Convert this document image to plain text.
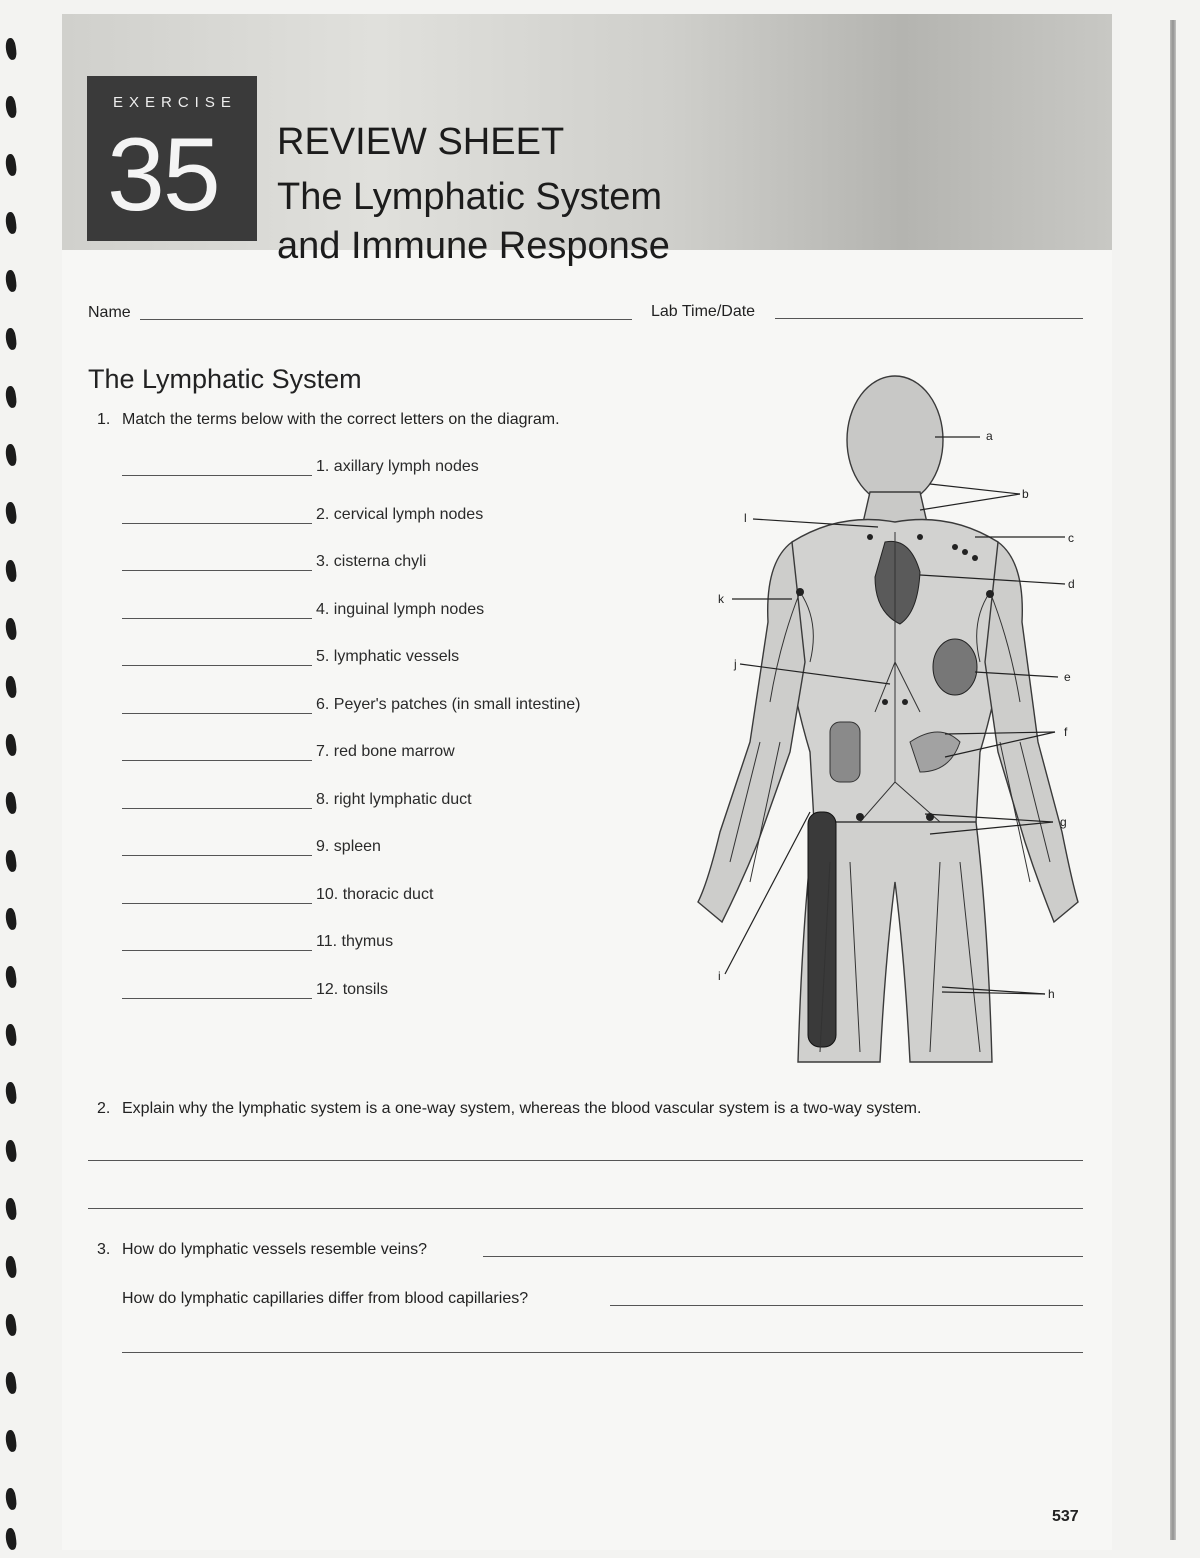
EXERCISE
35 REVIEW SHEET
The Lymphatic System
and Immune Response
Name	Lab Time/Date
The Lymphatic System
1. Match the terms below with the correct letters on the diagram.
1. axillary lymph nodes
2. cervical lymph nodes
3. cisterna chyli
4. inguinal lymph nodes
5. lymphatic vessels
6. Peyer's patches (in small intestine)
7. red bone marrow
8. right lymphatic duct
9. spleen
10. thoracic duct
11. thymus
12. tonsils
a
b
c
d
e
f
g
h
i
j
k
l
2. Explain why the lymphatic system is a one-way system, whereas the blood vascular system is a two-way system.
3. How do lymphatic vessels resemble veins?
How do lymphatic capillaries differ from blood capillaries?
537
